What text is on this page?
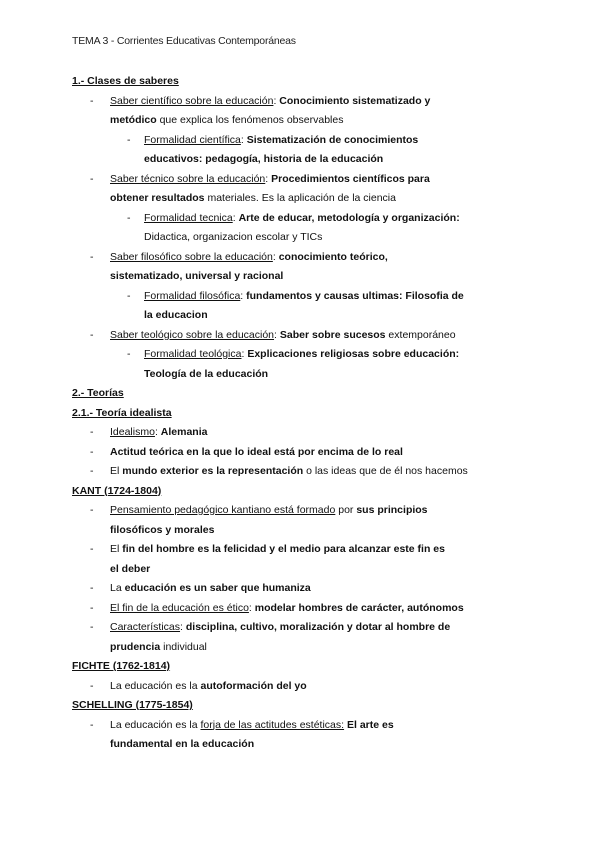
TEMA 3 - Corrientes Educativas Contemporáneas
1.- Clases de saberes
- Saber científico sobre la educación: Conocimiento sistematizado y
metódico que explica los fenómenos observables
- Formalidad científica: Sistematización de conocimientos
educativos: pedagogía, historia de la educación
- Saber técnico sobre la educación: Procedimientos científicos para
obtener resultados materiales. Es la aplicación de la ciencia
- Formalidad tecnica: Arte de educar, metodología y organización:
Didactica, organizacion escolar y TICs
- Saber filosófico sobre la educación: conocimiento teórico,
sistematizado, universal y racional
- Formalidad filosófica: fundamentos y causas ultimas: Filosofia de
la educacion
- Saber teológico sobre la educación: Saber sobre sucesos extemporáneo
- Formalidad teológica: Explicaciones religiosas sobre educación:
Teología de la educación
2.- Teorías
2.1.- Teoría idealista
- Idealismo: Alemania
- Actitud teórica en la que lo ideal está por encima de lo real
- El mundo exterior es la representación o las ideas que de él nos hacemos
KANT (1724-1804)
- Pensamiento pedagógico kantiano está formado por sus principios
filosóficos y morales
- El fin del hombre es la felicidad y el medio para alcanzar este fin es
el deber
- La educación es un saber que humaniza
- El fin de la educación es ético: modelar hombres de carácter, autónomos
- Características: disciplina, cultivo, moralización y dotar al hombre de
prudencia individual
FICHTE (1762-1814)
- La educación es la autoformación del yo
SCHELLING (1775-1854)
- La educación es la forja de las actitudes estéticas: El arte es
fundamental en la educación
